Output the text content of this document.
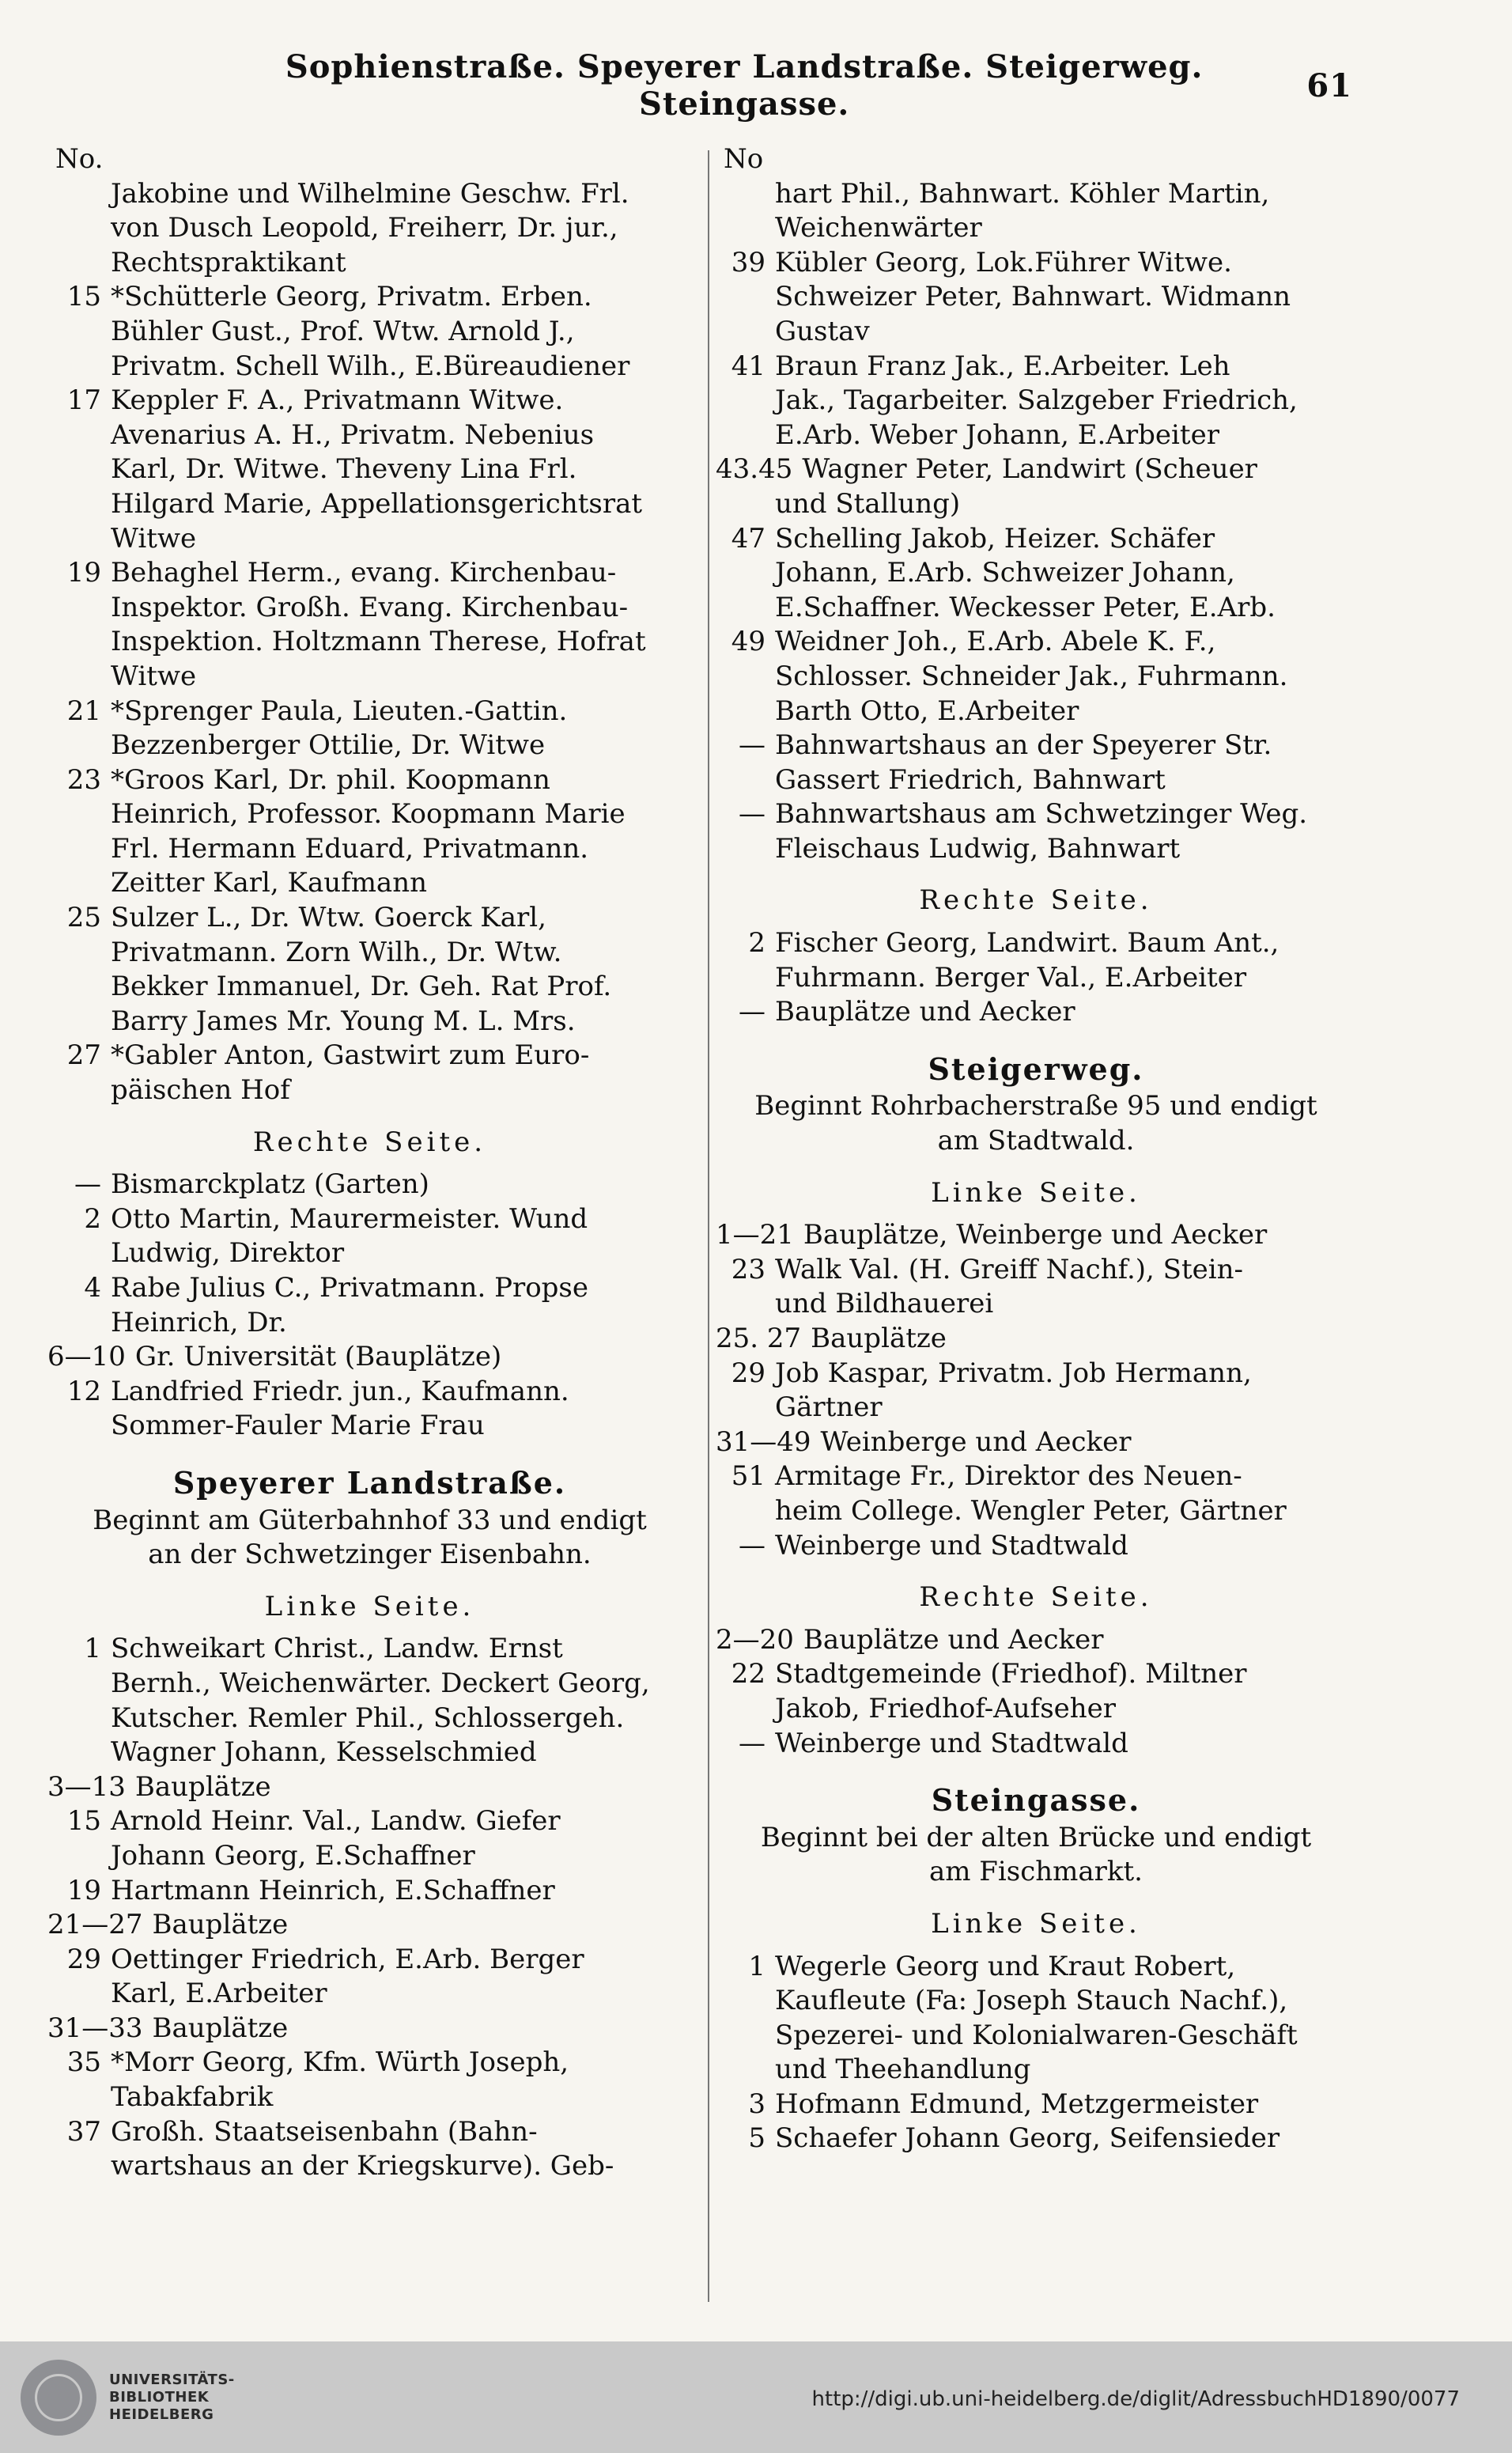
Sophienstraße. Speyerer Landstraße. Steigerweg. Steingasse.	61
No.
Jakobine und Wilhelmine Geschw. Frl.
von Dusch Leopold, Freiherr, Dr. jur.,
Rechtspraktikant
15 *Schütterle Georg, Privatm. Erben.
Bühler Gust., Prof. Wtw. Arnold J.,
Privatm. Schell Wilh., E.Büreaudiener
17 Keppler F. A., Privatmann Witwe.
Avenarius A. H., Privatm. Nebenius
Karl, Dr. Witwe. Theveny Lina Frl.
Hilgard Marie, Appellationsgerichtsrat
Witwe
19 Behaghel Herm., evang. Kirchenbau-
Inspektor. Großh. Evang. Kirchenbau-
Inspektion. Holtzmann Therese, Hofrat
Witwe
21 *Sprenger Paula, Lieuten.-Gattin.
Bezzenberger Ottilie, Dr. Witwe
23 *Groos Karl, Dr. phil. Koopmann
Heinrich, Professor. Koopmann Marie
Frl. Hermann Eduard, Privatmann.
Zeitter Karl, Kaufmann
25 Sulzer L., Dr. Wtw. Goerck Karl,
Privatmann. Zorn Wilh., Dr. Wtw.
Bekker Immanuel, Dr. Geh. Rat Prof.
Barry James Mr. Young M. L. Mrs.
27 *Gabler Anton, Gastwirt zum Euro-
päischen Hof
Rechte Seite.
— Bismarckplatz (Garten)
2 Otto Martin, Maurermeister. Wund
Ludwig, Direktor
4 Rabe Julius C., Privatmann. Propse
Heinrich, Dr.
6—10 Gr. Universität (Bauplätze)
12 Landfried Friedr. jun., Kaufmann.
Sommer-Fauler Marie Frau
Speyerer Landstraße.
Beginnt am Güterbahnhof 33 und endigt
an der Schwetzinger Eisenbahn.
Linke Seite.
1 Schweikart Christ., Landw. Ernst
Bernh., Weichenwärter. Deckert Georg,
Kutscher. Remler Phil., Schlossergeh.
Wagner Johann, Kesselschmied
3—13 Bauplätze
15 Arnold Heinr. Val., Landw. Giefer
Johann Georg, E.Schaffner
19 Hartmann Heinrich, E.Schaffner
21—27 Bauplätze
29 Oettinger Friedrich, E.Arb. Berger
Karl, E.Arbeiter
31—33 Bauplätze
35 *Morr Georg, Kfm. Würth Joseph,
Tabakfabrik
37 Großh. Staatseisenbahn (Bahn-
wartshaus an der Kriegskurve). Geb-
No
hart Phil., Bahnwart. Köhler Martin,
Weichenwärter
39 Kübler Georg, Lok.Führer Witwe.
Schweizer Peter, Bahnwart. Widmann
Gustav
41 Braun Franz Jak., E.Arbeiter. Leh
Jak., Tagarbeiter. Salzgeber Friedrich,
E.Arb. Weber Johann, E.Arbeiter
43.45 Wagner Peter, Landwirt (Scheuer
und Stallung)
47 Schelling Jakob, Heizer. Schäfer
Johann, E.Arb. Schweizer Johann,
E.Schaffner. Weckesser Peter, E.Arb.
49 Weidner Joh., E.Arb. Abele K. F.,
Schlosser. Schneider Jak., Fuhrmann.
Barth Otto, E.Arbeiter
— Bahnwartshaus an der Speyerer Str.
Gassert Friedrich, Bahnwart
— Bahnwartshaus am Schwetzinger Weg.
Fleischaus Ludwig, Bahnwart
Rechte Seite.
2 Fischer Georg, Landwirt. Baum Ant.,
Fuhrmann. Berger Val., E.Arbeiter
— Bauplätze und Aecker
Steigerweg.
Beginnt Rohrbacherstraße 95 und endigt
am Stadtwald.
Linke Seite.
1—21 Bauplätze, Weinberge und Aecker
23 Walk Val. (H. Greiff Nachf.), Stein-
und Bildhauerei
25. 27 Bauplätze
29 Job Kaspar, Privatm. Job Hermann,
Gärtner
31—49 Weinberge und Aecker
51 Armitage Fr., Direktor des Neuen-
heim College. Wengler Peter, Gärtner
— Weinberge und Stadtwald
Rechte Seite.
2—20 Bauplätze und Aecker
22 Stadtgemeinde (Friedhof). Miltner
Jakob, Friedhof-Aufseher
— Weinberge und Stadtwald
Steingasse.
Beginnt bei der alten Brücke und endigt
am Fischmarkt.
Linke Seite.
1 Wegerle Georg und Kraut Robert,
Kaufleute (Fa: Joseph Stauch Nachf.),
Spezerei- und Kolonialwaren-Geschäft
und Theehandlung
3 Hofmann Edmund, Metzgermeister
5 Schaefer Johann Georg, Seifensieder
UNIVERSITÄTS-
BIBLIOTHEK
HEIDELBERG
http://digi.ub.uni-heidelberg.de/diglit/AdressbuchHD1890/0077
